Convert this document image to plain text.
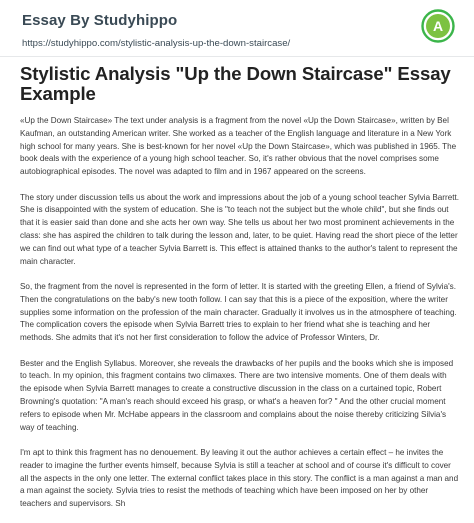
Essay By Studyhippo
https://studyhippo.com/stylistic-analysis-up-the-down-staircase/
A
Stylistic Analysis "Up the Down Staircase" Essay Example

«Up the Down Staircase» The text under analysis is a fragment from the novel «Up the Down Staircase», written by Bel Kaufman, an outstanding American writer. She worked as a teacher of the English language and literature in a New York high school for many years. She is best-known for her novel «Up the Down Staircase», which was published in 1965. The book deals with the experience of a young high school teacher. So, it's rather obvious that the novel comprises some autobiographical episodes. The novel was adapted to film and in 1967 appeared on the screens.

The story under discussion tells us about the work and impressions about the job of a young school teacher Sylvia Barrett. She is disappointed with the system of education. She is "to teach not the subject but the whole child", but she finds out that it is easier said than done and she acts her own way. She tells us about her two most prominent achievements in the class: she has aspired the children to talk during the lesson and, later, to be quiet. Having read the short piece of the letter we can find out what type of a teacher Sylvia Barrett is. This effect is attained thanks to the author's talent to represent the main character.

So, the fragment from the novel is represented in the form of letter. It is started with the greeting Ellen, a friend of Sylvia's. Then the congratulations on the baby's new tooth follow. I can say that this is a piece of the exposition, where the writer supplies some information on the profession of the main character. Gradually it involves us in the atmosphere of teaching. The complication covers the episode when Sylvia Barrett tries to explain to her friend what she is teaching and her methods. She admits that it's not her first consideration to follow the advice of Professor Winters, Dr.

Bester and the English Syllabus. Moreover, she reveals the drawbacks of her pupils and the books which she is imposed to teach. In my opinion, this fragment contains two climaxes. There are two intensive moments. One of them deals with the episode when Sylvia Barrett manages to create a constructive discussion in the class on a curtained topic, Robert Browning's quotation: "A man's reach should exceed his grasp, or what's a heaven for? " And the other crucial moment refers to episode when Mr. McHabe appears in the classroom and complains about the noise thereby criticizing Silvia's way of teaching.

I'm apt to think this fragment has no denouement. By leaving it out the author achieves a certain effect – he invites the reader to imagine the further events himself, because Sylvia is still a teacher at school and of course it's difficult to cover all the aspects in the only one letter. The external conflict takes place in this story. The conflict is a man against a man and a man against the society. Sylvia tries to resist the methods of teaching which have been imposed on her by other teachers and supervisors. Sh
